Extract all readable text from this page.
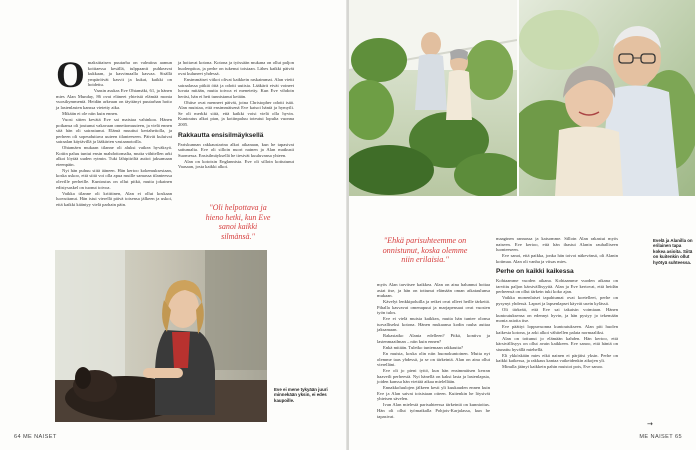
O maksittaisen puutarha on valmiina aamun koittaessa kesällä, tulppaanit puhkeavat kukkaan, ja kasvimaalla kasvaa. Sisällä ympäröivät kasvit ja kukat, kaikki on hoidettu.

Vaasin asukas Eve Ohtamäki, 61, ja hänen mies Alan Munday, 86 ovat eläneet yhteistä elämää monta vuosikymmentä. Heidän arkeaan on täyttänyt puutarhan hoito ja lastenlasten kanssa vietetty aika.

Mikään ei ole niin kuin ennen.

Vuosi sitten kevätä Eve sai maistaa vahinkoa. Hänen poikansa oli joutunut vakavaan onnettomuuteen, ja vielä ennen sitä hän oli sairastunut. Elämä muuttui kertaheitolla, ja perheen oli sopeuduttava uuteen tilanteeseen. Päivät kuluivat sairaalan käytävillä ja lääkärien vastaanotoilla.

Ohtamäen mukaan tilanne oli aluksi vaikea hyväksyä. Kotiin paluu tuntui ensin mahdottomalta, mutta vähitellen arki alkoi löytää uuden rytmin. Tuki lähipiiriltä auttoi jaksamaan eteenpäin.

Nyt hän puhuu siitä ääneen. Hän kertoo kokemuksestaan, koska uskoo, että siitä voi olla apua muille samassa tilanteessa oleville perheille. Kuntoutus on ollut pitkä, mutta jokainen edistysaskel on tuonut toivoa.

Vaikka tilanne oli kriittinen, Alan ei ollut koskaan luovuttanut. Hän istui vierellä päivä toisensa jälkeen ja uskoi, että kaikki kääntyy vielä parhain päin.

ja hoitavat kotona. Kotona ja työssään mukana on ollut paljon huolenpitoa, ja perhe on tukenut toisiaan. Lähes kaikki päivät ovat kuluneet yhdessä.

Ensimmäiset viikot olivat kaikkein raskaimmat. Alan vietti sairaalassa pitkiä öitä ja odotti uutisia. Lääkärit eivät voineet luvata mitään, mutta toivoa ei menetetty. Kun Eve vihdoin heräsi, hän ei heti tunnistanut ketään.

Ohitse ovat menneet päivät, joina Christopher odotti isää. Alan muistaa, että ensimmäisenä Eve katsoi häntä ja hymyili. Se oli merkki siitä, että kaikki voisi vielä olla hyvin. Kuntoutus alkoi pian, ja kotiinpaluu toteutui lopulta vuonna 2005.

Rakkautta ensisilmäyksellä

Pariskunnan rakkaustarina alkoi aikanaan, kun he tapasivat sattumalta. Eve oli silloin nuori nainen ja Alan matkusti Suomessa. Ensisilmäyksellä he tiesivät kuuluvansa yhteen.

Alan on kotoisin Englannista. Eve oli silloin kotiutunut Vaasaan, josta kaikki alkoi.

"Oli helpottava ja
hieno hetki, kun Eve
sanoi kaikki
silmänsä."
Eve ei mene tykyään juuri minnekään yksin, ei edes kaupoille.
64 ME NAISET
Evelä ja Alanilla on erilainen tapa kokea asioita. Siitä on kuitenkin ollut hyötyä suhteessa.
"Ehkä parisuhteemme on
onnistunut, koska olemme
niin erilaisia."

myös Alan tarvitsee kaikkea. Alan on aina halunnut hoitaa asiat itse, ja hän on tottunut elämään oman aikataulunsa mukaan.

Kävelyt lenkkipoluilla ja retket ovat olleet heille tärkeitä. Pihalla kasvavat omenapuut ja marjapensaat ovat vuosien työn tulos.

Eve ei vielä muista kaikkea, mutta hän tuntee olonsa turvalliseksi kotona. Hänen mukaansa kodin rauha auttaa jaksamaan.

Rakastatko Alania edelleen? Pitkä, kontiva ja lastenmaailman – niin kuin ennen?

Enkä mitään. Tuletko tuntemaan rakkautta?

En muista, koska olin niin huonokuntoinen. Mutta nyt olemme taas yhdessä, ja se on tärkeintä. Alan on aina ollut vierelläni.

Eve oli jo pieni tyttö, kun hän ensimmäisen kerran haaveili perheestä. Nyt hänellä on kaksi lasta ja lastenlapsia, joiden kanssa hän viettää aikaa mielellään.

Ennakkoluulojen jälkeen kesti yli kuukauden ennen kuin Eve ja Alan saivat toisistaan otteen. Kuitenkin he löysivät yhteisen sävelen.

Ivan Alan mielestä parisuhteessa tärkeintä on kunnioitus. Hän oli ollut työmatkalla Pohjois-Karjalassa, kun he tapasivat.

maaginen rannassa ja katsomme. Silloin Alan rakastui myös naiseen. Eve kertoo, että hän ihastui Alanin rauhalliseen luonteeseen.

Eve sanoi, että paikka, jonka hän toivoi näkevänsä, oli Alanin kotimaa. Alan oli vanha ja viisas mies.

Perhe on kaikki kaikessa

Kohtaamme vuoden aikana. Kohtaamme vuoden aikana on tarvittu paljon kärsivällisyyttä. Alan ja Eve kertovat, että heidän perheensä on ollut tärkein tuki koko ajan.

Vaikka monenlaiset tapahtumat ovat koetelleet, perhe on pysynyt yhdessä. Lapset ja lapsenlapset käyvät usein kylässä.

Oli tärkeää, että Eve sai takaisin voimiaan. Hänen kuntoutuksensa on edennyt hyvin, ja hän pystyy jo tekemään monia asioita itse.

Eve päättyi loppuvuonna kuntoutukseen. Alan piti huolen kaikesta kotona, ja arki alkoi vähitellen palata normaaliksi.

Alan on tottunut jo elämään kahden. Hän kertoo, että kärsivällisyys on ollut avain kaikkeen. Eve sanoo, että häntä on siunattu hyvällä miehellä.

Eli ykköskään mies eikä nainen ei pärjäisi yksin. Perhe on kaikki kaikessa, ja rakkaus kantaa vaikeidenkin aikojen yli.

Minulla jäänyt kaikkein pahin muistot pois, Eve sanoo.

→
ME NAISET 65
